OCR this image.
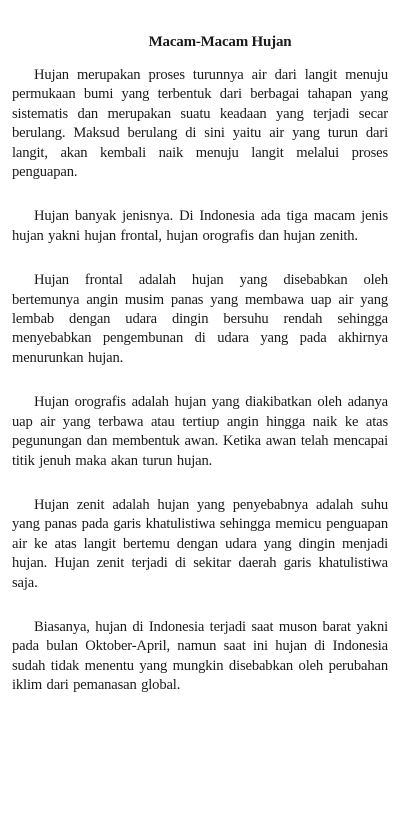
Macam-Macam Hujan

Hujan merupakan proses turunnya air dari langit menuju permukaan bumi yang terbentuk dari berbagai tahapan yang sistematis dan merupakan suatu keadaan yang terjadi secar berulang. Maksud berulang di sini yaitu air yang turun dari langit, akan kembali naik menuju langit melalui proses penguapan.

Hujan banyak jenisnya. Di Indonesia ada tiga macam jenis hujan yakni hujan frontal, hujan orografis dan hujan zenith.

Hujan frontal adalah hujan yang disebabkan oleh bertemunya angin musim panas yang membawa uap air yang lembab dengan udara dingin bersuhu rendah sehingga menyebabkan pengembunan di udara yang pada akhirnya menurunkan hujan.

Hujan orografis adalah hujan yang diakibatkan oleh adanya uap air yang terbawa atau tertiup angin hingga naik ke atas pegunungan dan membentuk awan. Ketika awan telah mencapai titik jenuh maka akan turun hujan.

Hujan zenit adalah hujan yang penyebabnya adalah suhu yang panas pada garis khatulistiwa sehingga memicu penguapan air ke atas langit bertemu dengan udara yang dingin menjadi hujan. Hujan zenit terjadi di sekitar daerah garis khatulistiwa saja.

Biasanya, hujan di Indonesia terjadi saat muson barat yakni pada bulan Oktober-April, namun saat ini hujan di Indonesia sudah tidak menentu yang mungkin disebabkan oleh perubahan iklim dari pemanasan global.
